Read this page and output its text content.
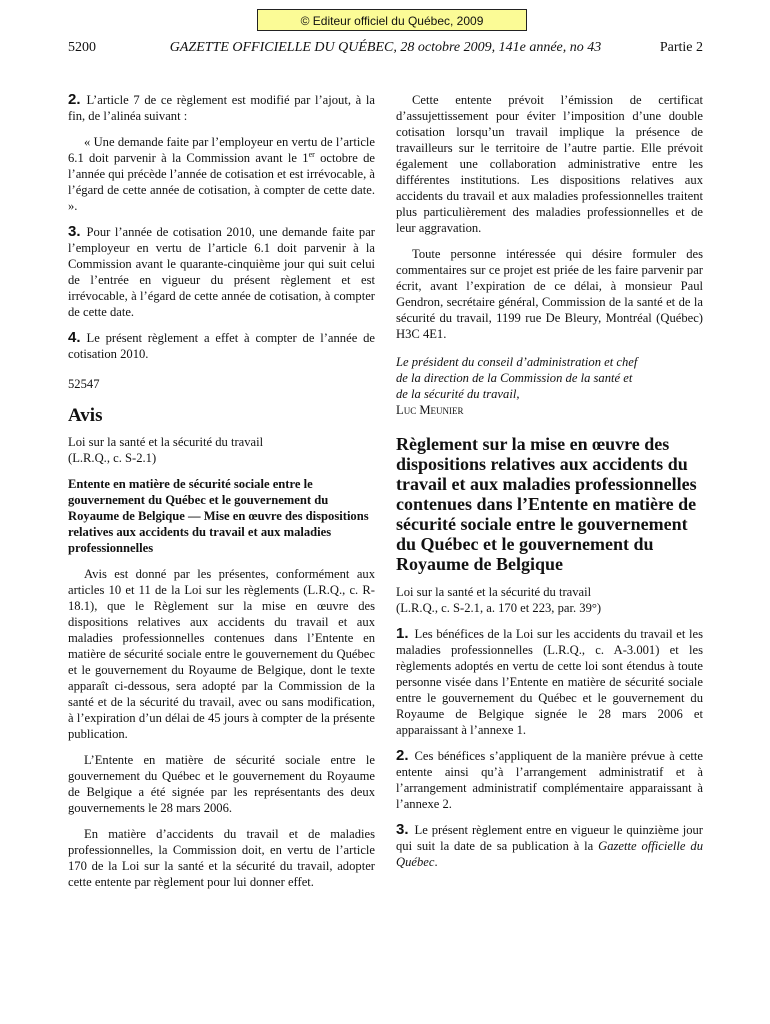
© Editeur officiel du Québec, 2009
5200	GAZETTE OFFICIELLE DU QUÉBEC, 28 octobre 2009, 141e année, no 43	Partie 2

2. L’article 7 de ce règlement est modifié par l’ajout, à la fin, de l’alinéa suivant :

« Une demande faite par l’employeur en vertu de l’article 6.1 doit parvenir à la Commission avant le 1er octobre de l’année qui précède l’année de cotisation et est irrévocable, à l’égard de cette année de cotisation, à compter de cette date. ».

3. Pour l’année de cotisation 2010, une demande faite par l’employeur en vertu de l’article 6.1 doit parvenir à la Commission avant le quarante-cinquième jour qui suit celui de l’entrée en vigueur du présent règlement et est irrévocable, à l’égard de cette année de cotisation, à compter de cette date.

4. Le présent règlement a effet à compter de l’année de cotisation 2010.

52547

Avis

Loi sur la santé et la sécurité du travail

(L.R.Q., c. S-2.1)

Entente en matière de sécurité sociale entre le gouvernement du Québec et le gouvernement du Royaume de Belgique — Mise en œuvre des dispositions relatives aux accidents du travail et aux maladies professionnelles

Avis est donné par les présentes, conformément aux articles 10 et 11 de la Loi sur les règlements (L.R.Q., c. R-18.1), que le Règlement sur la mise en œuvre des dispositions relatives aux accidents du travail et aux maladies professionnelles contenues dans l’Entente en matière de sécurité sociale entre le gouvernement du Québec et le gouvernement du Royaume de Belgique, dont le texte apparaît ci-dessous, sera adopté par la Commission de la santé et de la sécurité du travail, avec ou sans modification, à l’expiration d’un délai de 45 jours à compter de la présente publication.

L’Entente en matière de sécurité sociale entre le gouvernement du Québec et le gouvernement du Royaume de Belgique a été signée par les représentants des deux gouvernements le 28 mars 2006.

En matière d’accidents du travail et de maladies professionnelles, la Commission doit, en vertu de l’article 170 de la Loi sur la santé et la sécurité du travail, adopter cette entente par règlement pour lui donner effet.

Cette entente prévoit l’émission de certificat d’assujettissement pour éviter l’imposition d’une double cotisation lorsqu’un travail implique la présence de travailleurs sur le territoire de l’autre partie. Elle prévoit également une collaboration administrative entre les différentes institutions. Les dispositions relatives aux accidents du travail et aux maladies professionnelles traitent plus particulièrement des maladies professionnelles et de leur aggravation.

Toute personne intéressée qui désire formuler des commentaires sur ce projet est priée de les faire parvenir par écrit, avant l’expiration de ce délai, à monsieur Paul Gendron, secrétaire général, Commission de la santé et de la sécurité du travail, 1199 rue De Bleury, Montréal (Québec) H3C 4E1.

Le président du conseil d’administration et chef

de la direction de la Commission de la santé et

de la sécurité du travail,

Luc Meunier

Règlement sur la mise en œuvre des dispositions relatives aux accidents du travail et aux maladies professionnelles contenues dans l’Entente en matière de sécurité sociale entre le gouvernement du Québec et le gouvernement du Royaume de Belgique

Loi sur la santé et la sécurité du travail

(L.R.Q., c. S-2.1, a. 170 et 223, par. 39°)

1. Les bénéfices de la Loi sur les accidents du travail et les maladies professionnelles (L.R.Q., c. A-3.001) et les règlements adoptés en vertu de cette loi sont étendus à toute personne visée dans l’Entente en matière de sécurité sociale entre le gouvernement du Québec et le gouvernement du Royaume de Belgique signée le 28 mars 2006 et apparaissant à l’annexe 1.

2. Ces bénéfices s’appliquent de la manière prévue à cette entente ainsi qu’à l’arrangement administratif et à l’arrangement administratif complémentaire apparaissant à l’annexe 2.

3. Le présent règlement entre en vigueur le quinzième jour qui suit la date de sa publication à la Gazette officielle du Québec.
